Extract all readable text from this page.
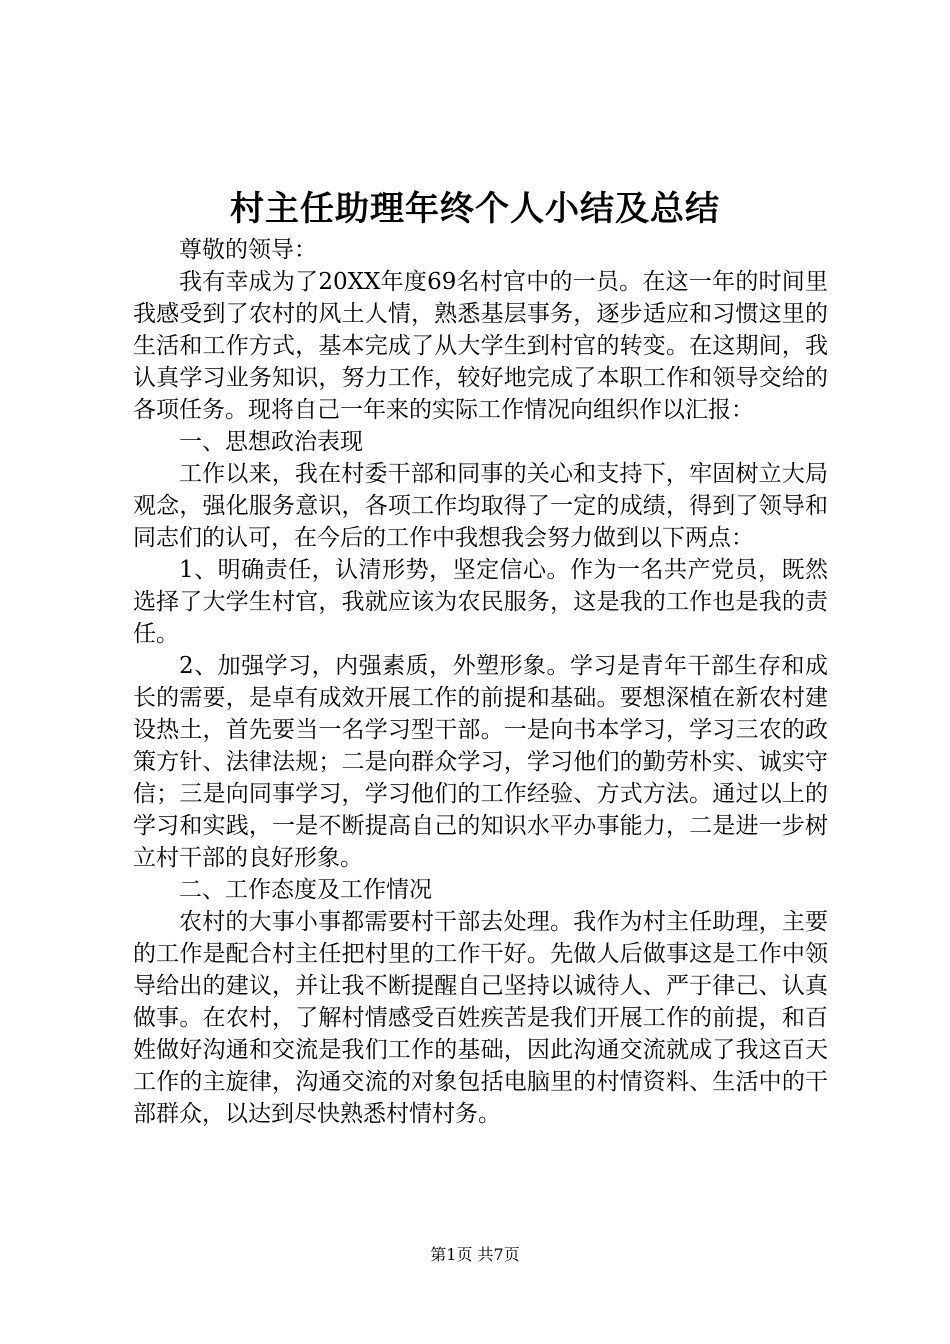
村主任助理年终个人小结及总结

尊敬的领导：

我有幸成为了20XX年度69名村官中的一员。在这一年的时间里我感受到了农村的风土人情，熟悉基层事务，逐步适应和习惯这里的生活和工作方式，基本完成了从大学生到村官的转变。在这期间，我认真学习业务知识，努力工作，较好地完成了本职工作和领导交给的各项任务。现将自己一年来的实际工作情况向组织作以汇报：

一、思想政治表现

工作以来，我在村委干部和同事的关心和支持下，牢固树立大局观念，强化服务意识，各项工作均取得了一定的成绩，得到了领导和同志们的认可，在今后的工作中我想我会努力做到以下两点：

1、明确责任，认清形势，坚定信心。作为一名共产党员，既然选择了大学生村官，我就应该为农民服务，这是我的工作也是我的责任。

2、加强学习，内强素质，外塑形象。学习是青年干部生存和成长的需要，是卓有成效开展工作的前提和基础。要想深植在新农村建设热土，首先要当一名学习型干部。一是向书本学习，学习三农的政策方针、法律法规；二是向群众学习，学习他们的勤劳朴实、诚实守信；三是向同事学习，学习他们的工作经验、方式方法。通过以上的学习和实践，一是不断提高自己的知识水平办事能力，二是进一步树立村干部的良好形象。

二、工作态度及工作情况

农村的大事小事都需要村干部去处理。我作为村主任助理，主要的工作是配合村主任把村里的工作干好。先做人后做事这是工作中领导给出的建议，并让我不断提醒自己坚持以诚待人、严于律己、认真做事。在农村，了解村情感受百姓疾苦是我们开展工作的前提，和百姓做好沟通和交流是我们工作的基础，因此沟通交流就成了我这百天工作的主旋律，沟通交流的对象包括电脑里的村情资料、生活中的干部群众，以达到尽快熟悉村情村务。

第1页 共7页
